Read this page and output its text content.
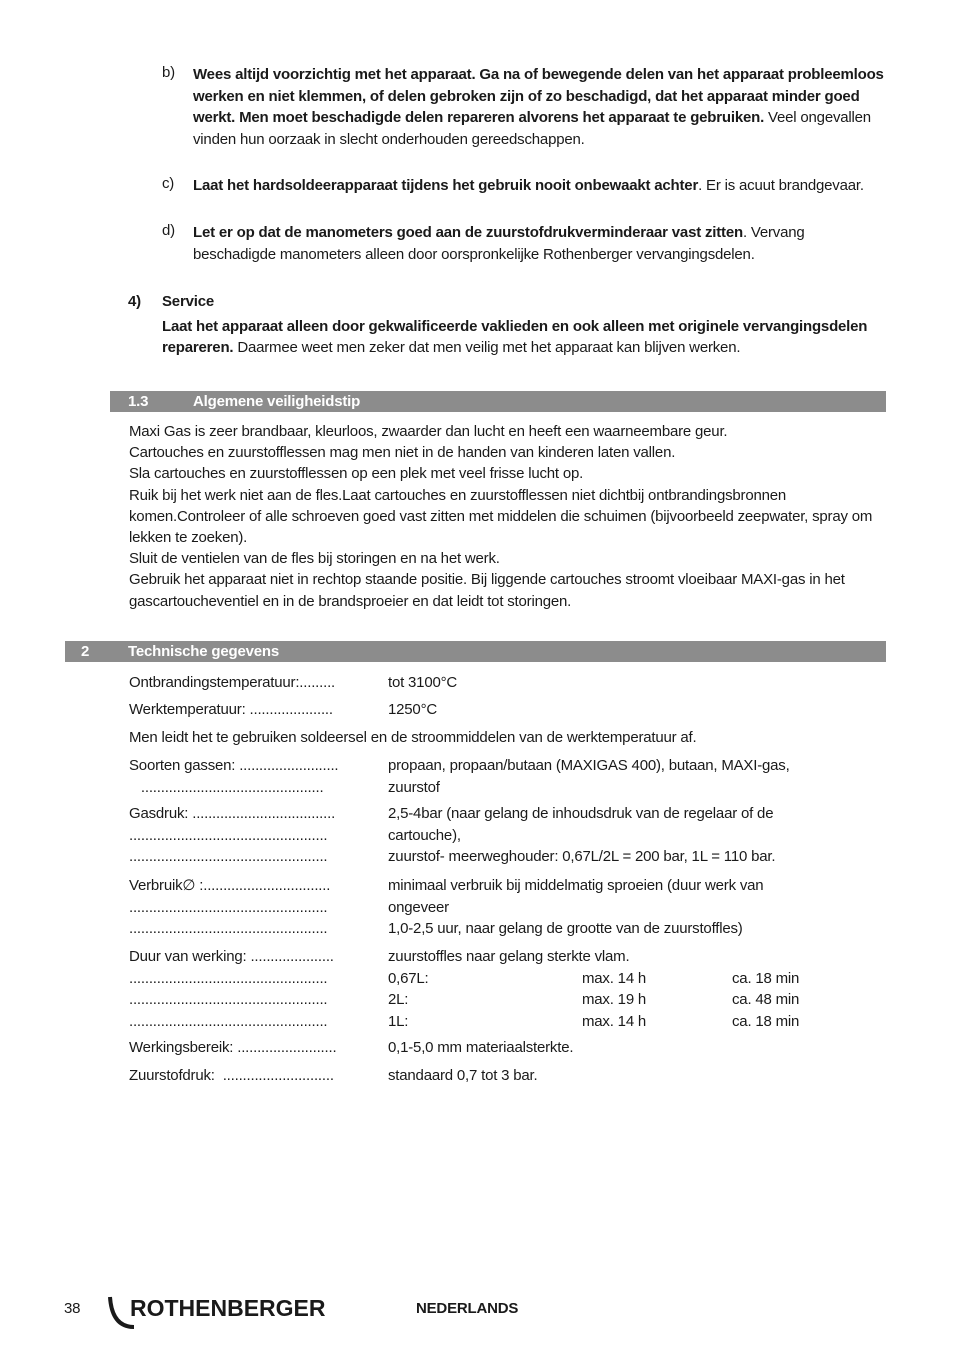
b) Wees altijd voorzichtig met het apparaat. Ga na of bewegende delen van het apparaat probleemloos werken en niet klemmen, of delen gebroken zijn of zo beschadigd, dat het apparaat minder goed werkt. Men moet beschadigde delen repareren alvorens het apparaat te gebruiken. Veel ongevallen vinden hun oorzaak in slecht onderhouden gereedschappen.
c) Laat het hardsoldeerapparaat tijdens het gebruik nooit onbewaakt achter. Er is acuut brandgevaar.
d) Let er op dat de manometers goed aan de zuurstofdrukverminderaar vast zitten. Vervang beschadigde manometers alleen door oorspronkelijke Rothenberger vervangingsdelen.
4) Service
Laat het apparaat alleen door gekwalificeerde vaklieden en ook alleen met originele vervangingsdelen repareren. Daarmee weet men zeker dat men veilig met het apparaat kan blijven werken.
1.3	Algemene veiligheidstip
Maxi Gas is zeer brandbaar, kleurloos, zwaarder dan lucht en heeft een waarneembare geur.
Cartouches en zuurstofflessen mag men niet in de handen van kinderen laten vallen.
Sla cartouches en zuurstofflessen op een plek met veel frisse lucht op.
Ruik bij het werk niet aan de fles.Laat cartouches en zuurstofflessen niet dichtbij ontbrandingsbronnen komen.Controleer of alle schroeven goed vast zitten met middelen die schuimen (bijvoorbeeld zeepwater, spray om lekken te zoeken).
Sluit de ventielen van de fles bij storingen en na het werk.
Gebruik het apparaat niet in rechtop staande positie. Bij liggende cartouches stroomt vloeibaar MAXI-gas in het gascartoucheventiel en in de brandsproeier en dat leidt tot storingen.
2	Technische gegevens
Ontbrandingstemperatuur:.........	tot 3100°C
Werktemperatuur: .....................	1250°C
Men leidt het te gebruiken soldeersel en de stroommiddelen van de werktemperatuur af.
Soorten gassen: .........................	propaan, propaan/butaan (MAXIGAS 400), butaan, MAXI-gas,
..............................................	zuurstof
Gasdruk: ....................................	2,5-4bar (naar gelang de inhoudsdruk van de regelaar of de
..................................................	cartouche),
..................................................	zuurstof- meerweghouder: 0,67L/2L = 200 bar, 1L = 110 bar.
Verbruik∅ :................................	minimaal verbruik bij middelmatig sproeien (duur werk van
..................................................	ongeveer
..................................................	1,0-2,5 uur, naar gelang de grootte van de zuurstoffles)
Duur van werking: .....................	zuurstoffles naar gelang sterkte vlam.
..................................................	0,67L:	max. 14 h	ca. 18 min
..................................................	2L:	max. 19 h	ca. 48 min
..................................................	1L:	max. 14 h	ca. 18 min
Werkingsbereik: .........................	0,1-5,0 mm materiaalsterkte.
Zuurstofdruk:  ............................	standaard 0,7 tot 3 bar.
38 ROTHENBERGER	NEDERLANDS
